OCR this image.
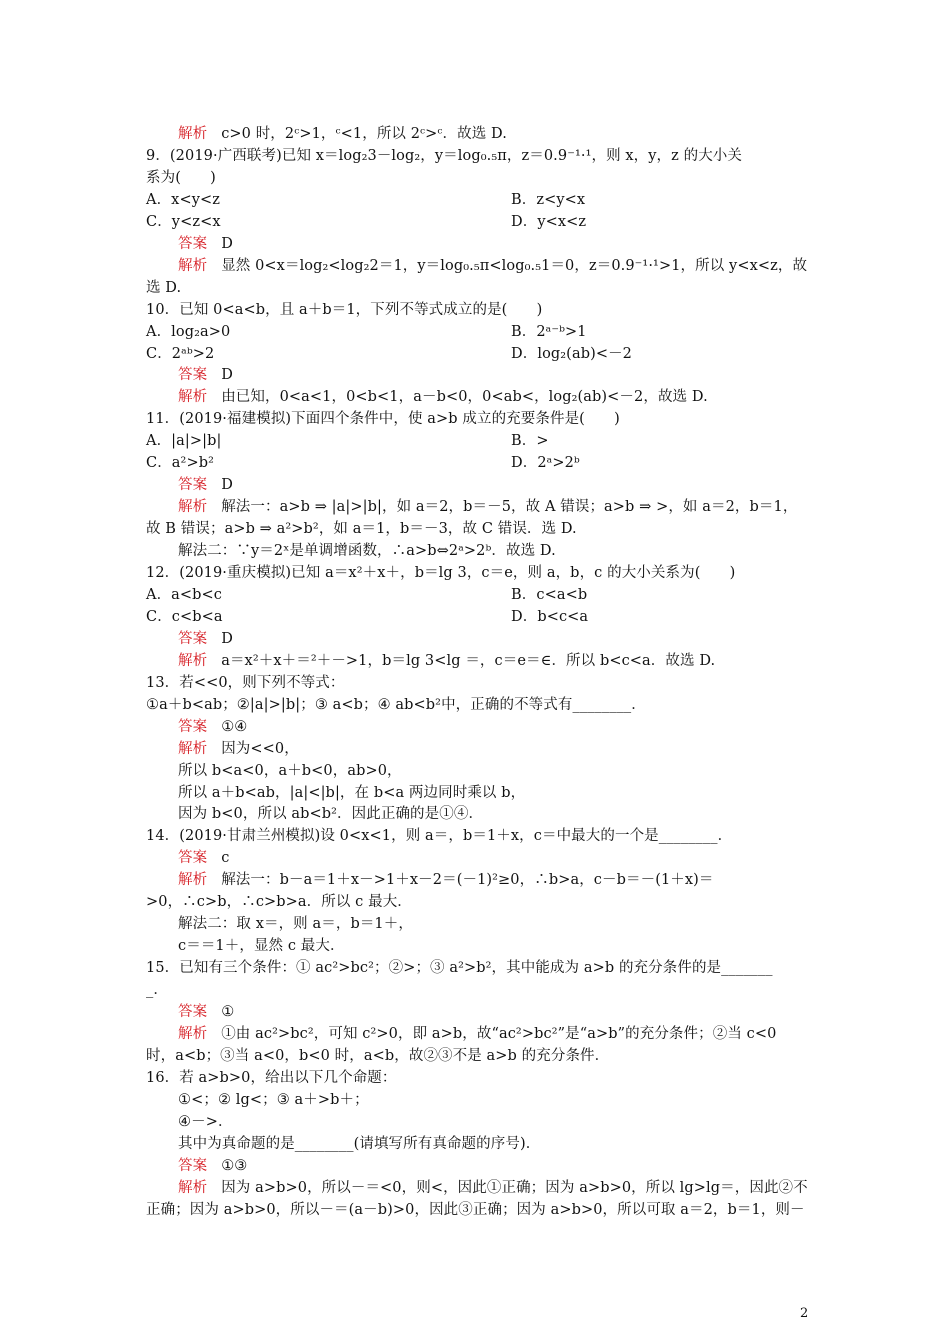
解析 c>0 时，2ᶜ>1，ᶜ<1，所以 2ᶜ>ᶜ．故选 D.
9．(2019·广西联考)已知 x＝log₂3－log₂，y＝log₀.₅π，z＝0.9⁻¹·¹，则 x，y，z 的大小关
系为(　　)
A．x<y<z	B．z<y<x
C．y<z<x	D．y<x<z
答案 D
解析 显然 0<x＝log₂<log₂2＝1，y＝log₀.₅π<log₀.₅1＝0，z＝0.9⁻¹·¹>1，所以 y<x<z，故
选 D.
10．已知 0<a<b，且 a＋b＝1，下列不等式成立的是(　　)
A．log₂a>0	B．2ᵃ⁻ᵇ>1
C．2ᵃᵇ>2	D．log₂(ab)<－2
答案 D
解析 由已知，0<a<1，0<b<1，a－b<0，0<ab<，log₂(ab)<－2，故选 D.
11．(2019·福建模拟)下面四个条件中，使 a>b 成立的充要条件是(　　)
A．|a|>|b|	B．>
C．a²>b²	D．2ᵃ>2ᵇ
答案 D
解析 解法一：a>b ⇒ |a|>|b|，如 a＝2，b＝－5，故 A 错误；a>b ⇒ >，如 a＝2，b＝1，
故 B 错误；a>b ⇒ a²>b²，如 a＝1，b＝－3，故 C 错误．选 D.
解法二：∵y＝2ˣ是单调增函数，∴a>b⇔2ᵃ>2ᵇ．故选 D.
12．(2019·重庆模拟)已知 a＝x²＋x＋，b＝lg 3，c＝e，则 a，b，c 的大小关系为(　　)
A．a<b<c	B．c<a<b
C．c<b<a	D．b<c<a
答案 D
解析 a＝x²＋x＋＝²＋－>1，b＝lg 3<lg ＝，c＝e＝∈．所以 b<c<a．故选 D.
13．若<<0，则下列不等式：
①a＋b<ab；②|a|>|b|；③ a<b；④ ab<b²中，正确的不等式有________．
答案 ①④
解析 因为<<0，
所以 b<a<0，a＋b<0，ab>0，
所以 a＋b<ab，|a|<|b|，在 b<a 两边同时乘以 b，
因为 b<0，所以 ab<b²．因此正确的是①④．
14．(2019·甘肃兰州模拟)设 0<x<1，则 a＝，b＝1＋x，c＝中最大的一个是________．
答案 c
解析 解法一：b－a＝1＋x－>1＋x－2＝(－1)²≥0，∴b>a，c－b＝－(1＋x)＝
>0，∴c>b，∴c>b>a．所以 c 最大．
解法二：取 x＝，则 a＝，b＝1＋，
c＝＝1＋，显然 c 最大．
15．已知有三个条件：① ac²>bc²；②>；③ a²>b²，其中能成为 a>b 的充分条件的是_______
_．
答案 ①
解析 ①由 ac²>bc²，可知 c²>0，即 a>b，故“ac²>bc²”是“a>b”的充分条件；②当 c<0
时，a<b；③当 a<0，b<0 时，a<b，故②③不是 a>b 的充分条件．
16．若 a>b>0，给出以下几个命题：
①<；② lg<；③ a＋>b＋；
④－>．
其中为真命题的是________(请填写所有真命题的序号)．
答案 ①③
解析 因为 a>b>0，所以－＝<0，则<，因此①正确；因为 a>b>0，所以 lg>lg＝，因此②不
正确；因为 a>b>0，所以－＝(a－b)>0，因此③正确；因为 a>b>0，所以可取 a＝2，b＝1，则－
2
